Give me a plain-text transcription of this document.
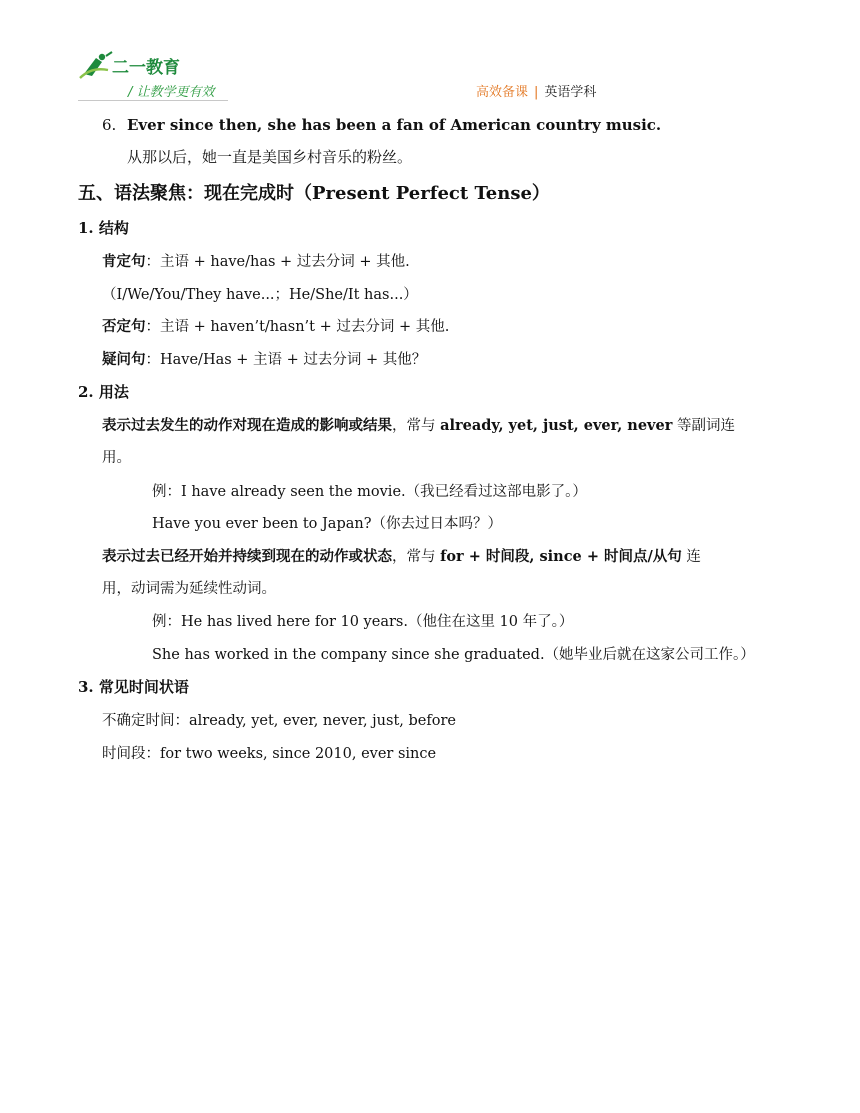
二一教育
/ 让教学更有效	高效备课 | 英语学科
6. Ever since then, she has been a fan of American country music.
从那以后，她一直是美国乡村音乐的粉丝。
五、语法聚焦：现在完成时（Present Perfect Tense）
1. 结构
肯定句：主语 + have/has + 过去分词 + 其他.
（I/We/You/They have...；He/She/It has...）
否定句：主语 + haven’t/hasn’t + 过去分词 + 其他.
疑问句：Have/Has + 主语 + 过去分词 + 其他？
2. 用法
表示过去发生的动作对现在造成的影响或结果，常与 already, yet, just, ever, never 等副词连
用。
例：I have already seen the movie.（我已经看过这部电影了。）
Have you ever been to Japan?（你去过日本吗？）
表示过去已经开始并持续到现在的动作或状态，常与 for + 时间段, since + 时间点/从句 连
用，动词需为延续性动词。
例：He has lived here for 10 years.（他住在这里 10 年了。）
She has worked in the company since she graduated.（她毕业后就在这家公司工作。）
3. 常见时间状语
不确定时间：already, yet, ever, never, just, before
时间段：for two weeks, since 2010, ever since
